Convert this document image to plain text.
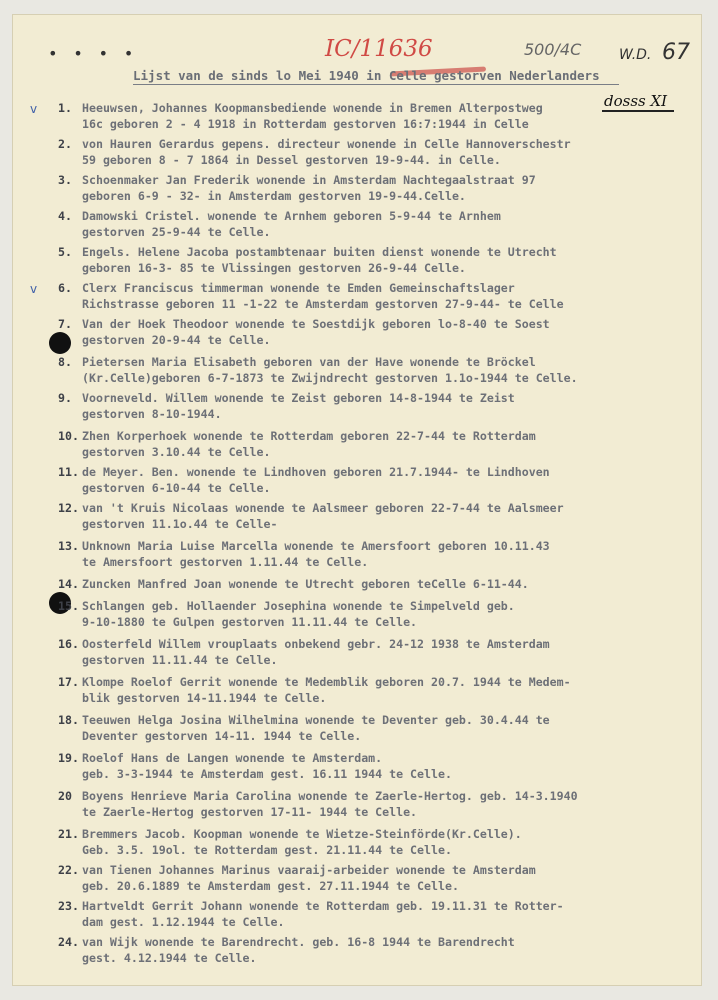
• • • •	IC/11636	500/4C	W.D. 67
dosss XI
Lijst van de sinds lo Mei 1940 in Celle gestorven Nederlanders
v
v
1. Heeuwsen, Johannes Koopmansbediende wonende in Bremen Alterpostweg
16c geboren 2 - 4 1918 in Rotterdam gestorven 16:7:1944 in Celle
2. von Hauren Gerardus gepens. directeur wonende in Celle Hannoverschestr
59 geboren 8 - 7 1864 in Dessel gestorven 19-9-44. in Celle.
3. Schoenmaker Jan Frederik wonende in Amsterdam Nachtegaalstraat 97
geboren 6-9 - 32- in Amsterdam gestorven 19-9-44.Celle.
4. Damowski Cristel. wonende te Arnhem geboren 5-9-44 te Arnhem
gestorven 25-9-44 te Celle.
5. Engels. Helene Jacoba postambtenaar buiten dienst wonende te Utrecht
geboren 16-3- 85 te Vlissingen gestorven 26-9-44 Celle.
6. Clerx Franciscus timmerman wonende te Emden Gemeinschaftslager
Richstrasse geboren 11 -1-22 te Amsterdam gestorven 27-9-44- te Celle
7. Van der Hoek Theodoor wonende te Soestdijk geboren lo-8-40 te Soest
gestorven 20-9-44 te Celle.
8. Pietersen Maria Elisabeth geboren van der Have wonende te Bröckel
(Kr.Celle)geboren 6-7-1873 te Zwijndrecht gestorven 1.1o-1944 te Celle.
9. Voorneveld. Willem wonende te Zeist geboren 14-8-1944 te Zeist
gestorven 8-10-1944.
10. Zhen Korperhoek wonende te Rotterdam geboren 22-7-44 te Rotterdam
gestorven 3.10.44 te Celle.
11. de Meyer. Ben. wonende te Lindhoven geboren 21.7.1944- te Lindhoven
gestorven 6-10-44 te Celle.
12. van 't Kruis Nicolaas wonende te Aalsmeer geboren 22-7-44 te Aalsmeer
gestorven 11.1o.44 te Celle-
13. Unknown Maria Luise Marcella wonende te Amersfoort geboren 10.11.43
te Amersfoort gestorven 1.11.44 te Celle.
14. Zuncken Manfred Joan wonende te Utrecht geboren teCelle 6-11-44.
15. Schlangen geb. Hollaender Josephina wonende te Simpelveld geb.
9-10-1880 te Gulpen gestorven 11.11.44 te Celle.
16. Oosterfeld Willem vrouplaats onbekend gebr. 24-12 1938 te Amsterdam
gestorven 11.11.44 te Celle.
17. Klompe Roelof Gerrit wonende te Medemblik geboren 20.7. 1944 te Medem-
blik gestorven 14-11.1944 te Celle.
18. Teeuwen Helga Josina Wilhelmina wonende te Deventer geb. 30.4.44 te
Deventer gestorven 14-11. 1944 te Celle.
19. Roelof Hans de Langen wonende te Amsterdam.
geb. 3-3-1944 te Amsterdam gest. 16.11 1944 te Celle.
20 Boyens Henrieve Maria Carolina wonende te Zaerle-Hertog. geb. 14-3.1940
te Zaerle-Hertog gestorven 17-11- 1944 te Celle.
21. Bremmers Jacob. Koopman wonende te Wietze-Steinförde(Kr.Celle).
Geb. 3.5. 19ol. te Rotterdam gest. 21.11.44 te Celle.
22. van Tienen Johannes Marinus vaaraij-arbeider wonende te Amsterdam
geb. 20.6.1889 te Amsterdam gest. 27.11.1944 te Celle.
23. Hartveldt Gerrit Johann wonende te Rotterdam geb. 19.11.31 te Rotter-
dam gest. 1.12.1944 te Celle.
24. van Wijk wonende te Barendrecht. geb. 16-8 1944 te Barendrecht
gest. 4.12.1944 te Celle.
